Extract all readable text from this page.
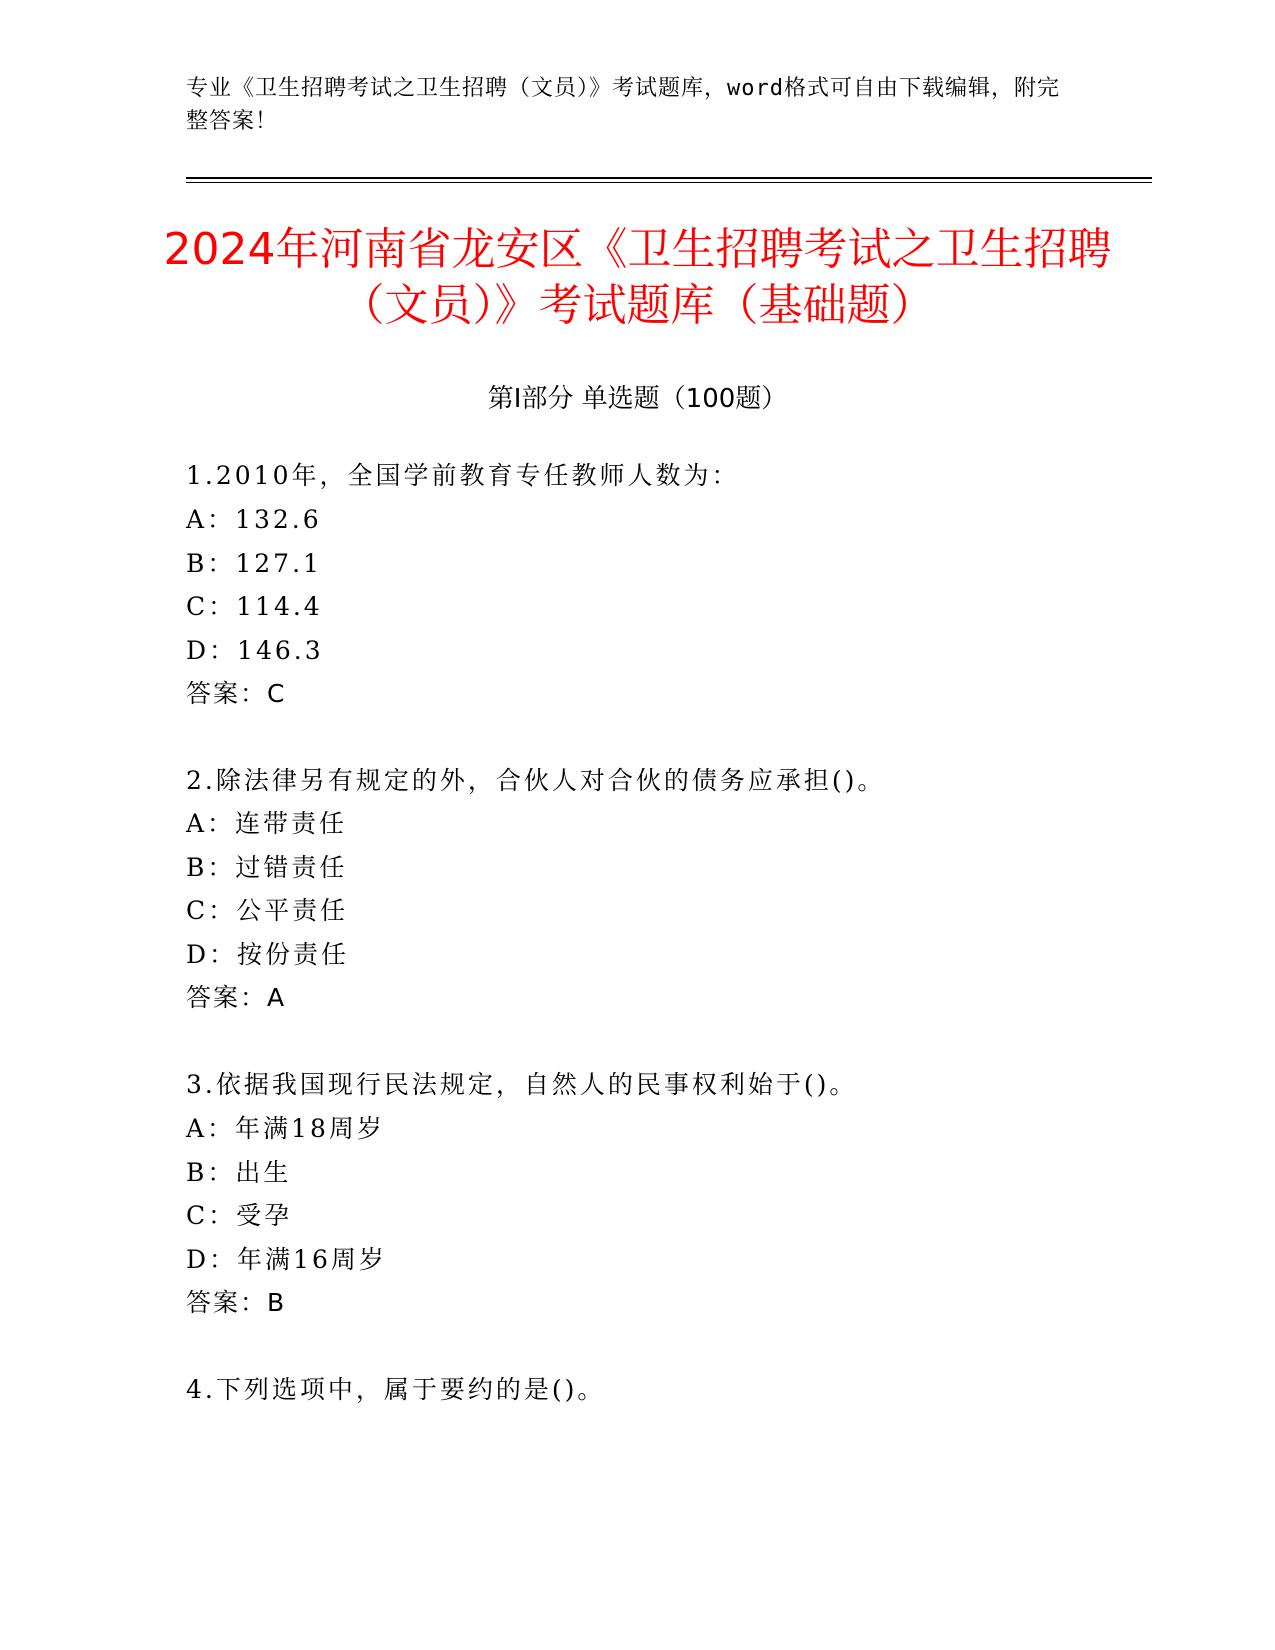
专业《卫生招聘考试之卫生招聘（文员）》考试题库，word格式可自由下载编辑，附完整答案！
2024年河南省龙安区《卫生招聘考试之卫生招聘（文员）》考试题库（基础题）
第I部分 单选题（100题）
1.2010年，全国学前教育专任教师人数为：
A：132.6
B：127.1
C：114.4
D：146.3
答案：C
2.除法律另有规定的外，合伙人对合伙的债务应承担()。
A：连带责任
B：过错责任
C：公平责任
D：按份责任
答案：A
3.依据我国现行民法规定，自然人的民事权利始于()。
A：年满18周岁
B：出生
C：受孕
D：年满16周岁
答案：B
4.下列选项中，属于要约的是()。
